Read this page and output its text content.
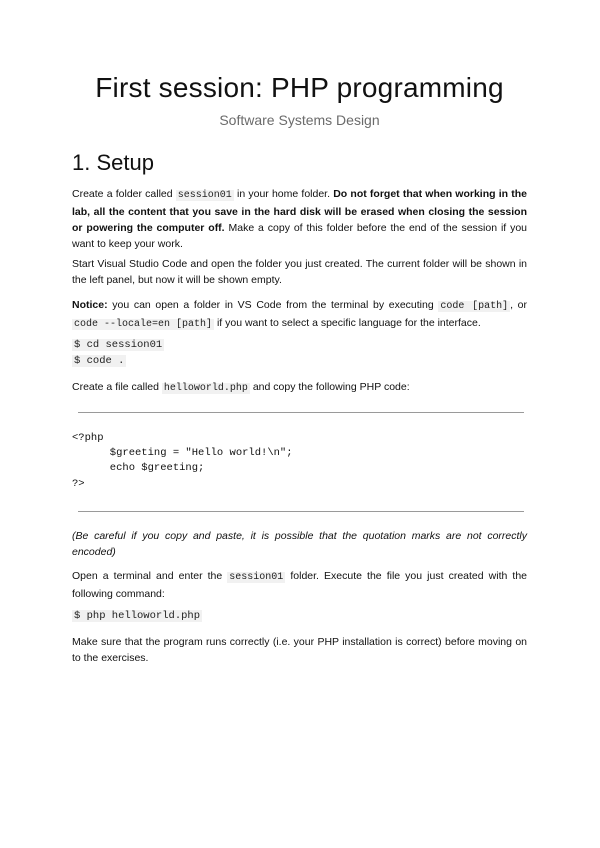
First session: PHP programming
Software Systems Design
1. Setup

Create a folder called session01 in your home folder. Do not forget that when working in the lab, all the content that you save in the hard disk will be erased when closing the session or powering the computer off. Make a copy of this folder before the end of the session if you want to keep your work.

Start Visual Studio Code and open the folder you just created. The current folder will be shown in the left panel, but now it will be shown empty.

Notice: you can open a folder in VS Code from the terminal by executing code [path] , or code --locale=en [path] if you want to select a specific language for the interface.

$ cd session01
$ code .

Create a file called helloworld.php and copy the following PHP code:

<?php
$greeting = "Hello world!\n";
echo $greeting;
?>

(Be careful if you copy and paste, it is possible that the quotation marks are not correctly encoded)

Open a terminal and enter the session01 folder. Execute the file you just created with the following command:

$ php helloworld.php

Make sure that the program runs correctly (i.e. your PHP installation is correct) before moving on to the exercises.
